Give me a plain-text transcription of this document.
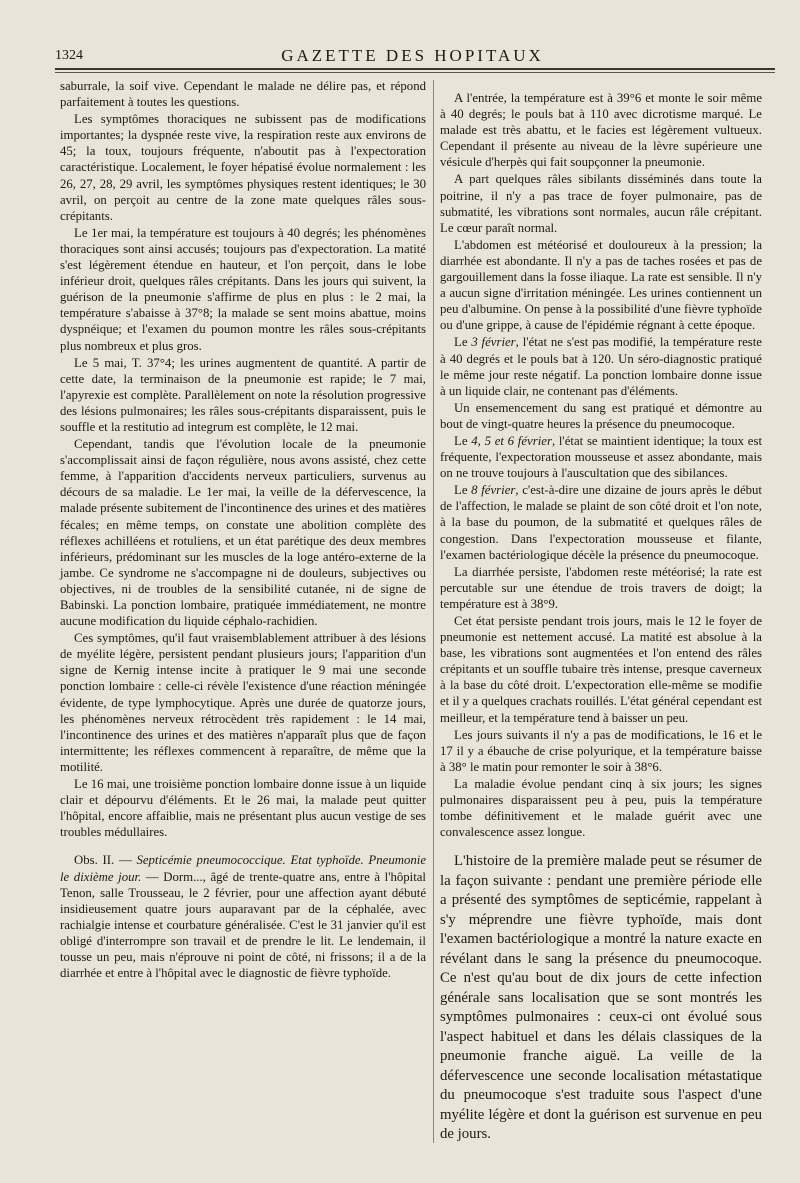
1324	GAZETTE DES HOPITAUX

saburrale, la soif vive. Cependant le malade ne délire pas, et répond parfaitement à toutes les questions.

Les symptômes thoraciques ne subissent pas de modifications importantes; la dyspnée reste vive, la respiration reste aux environs de 45; la toux, toujours fréquente, n'aboutit pas à l'expectoration caractéristique. Localement, le foyer hépatisé évolue normalement : les 26, 27, 28, 29 avril, les symptômes physiques restent identiques; le 30 avril, on perçoit au centre de la zone mate quelques râles sous-crépitants.

Le 1er mai, la température est toujours à 40 degrés; les phénomènes thoraciques sont ainsi accusés; toujours pas d'expectoration. La matité s'est légèrement étendue en hauteur, et l'on perçoit, dans le lobe inférieur droit, quelques râles crépitants. Dans les jours qui suivent, la guérison de la pneumonie s'affirme de plus en plus : le 2 mai, la température s'abaisse à 37°8; la malade se sent moins abattue, moins dyspnéique; et l'examen du poumon montre les râles sous-crépitants plus nombreux et plus gros.

Le 5 mai, T. 37°4; les urines augmentent de quantité. A partir de cette date, la terminaison de la pneumonie est rapide; le 7 mai, l'apyrexie est complète. Parallèlement on note la résolution progressive des lésions pulmonaires; les râles sous-crépitants disparaissent, puis le souffle et la restitutio ad integrum est complète, le 12 mai.

Cependant, tandis que l'évolution locale de la pneumonie s'accomplissait ainsi de façon régulière, nous avons assisté, chez cette femme, à l'apparition d'accidents nerveux particuliers, survenus au décours de sa maladie. Le 1er mai, la veille de la défervescence, la malade présente subitement de l'incontinence des urines et des matières fécales; en même temps, on constate une abolition complète des réflexes achilléens et rotuliens, et un état parétique des deux membres inférieurs, prédominant sur les muscles de la loge antéro-externe de la jambe. Ce syndrome ne s'accompagne ni de douleurs, subjectives ou objectives, ni de troubles de la sensibilité cutanée, ni de signe de Babinski. La ponction lombaire, pratiquée immédiatement, ne montre aucune modification du liquide céphalo-rachidien.

Ces symptômes, qu'il faut vraisemblablement attribuer à des lésions de myélite légère, persistent pendant plusieurs jours; l'apparition d'un signe de Kernig intense incite à pratiquer le 9 mai une seconde ponction lombaire : celle-ci révèle l'existence d'une réaction méningée évidente, de type lymphocytique. Après une durée de quatorze jours, les phénomènes nerveux rétrocèdent très rapidement : le 14 mai, l'incontinence des urines et des matières n'apparaît plus que de façon intermittente; les réflexes commencent à reparaître, de même que la motilité.

Le 16 mai, une troisième ponction lombaire donne issue à un liquide clair et dépourvu d'éléments. Et le 26 mai, la malade peut quitter l'hôpital, encore affaiblie, mais ne présentant plus aucun vestige de ses troubles médullaires.

Obs. II. — Septicémie pneumococcique. Etat typhoïde. Pneumonie le dixième jour. — Dorm..., âgé de trente-quatre ans, entre à l'hôpital Tenon, salle Trousseau, le 2 février, pour une affection ayant débuté insidieusement quatre jours auparavant par de la céphalée, avec rachialgie intense et courbature généralisée. C'est le 31 janvier qu'il est obligé d'interrompre son travail et de prendre le lit. Le lendemain, il tousse un peu, mais n'éprouve ni point de côté, ni frissons; il a de la diarrhée et entre à l'hôpital avec le diagnostic de fièvre typhoïde.

A l'entrée, la température est à 39°6 et monte le soir même à 40 degrés; le pouls bat à 110 avec dicrotisme marqué. Le malade est très abattu, et le facies est légèrement vultueux. Cependant il présente au niveau de la lèvre supérieure une vésicule d'herpès qui fait soupçonner la pneumonie.

A part quelques râles sibilants disséminés dans toute la poitrine, il n'y a pas trace de foyer pulmonaire, pas de submatité, les vibrations sont normales, aucun râle crépitant. Le cœur paraît normal.

L'abdomen est météorisé et douloureux à la pression; la diarrhée est abondante. Il n'y a pas de taches rosées et pas de gargouillement dans la fosse iliaque. La rate est sensible. Il n'y a aucun signe d'irritation méningée. Les urines contiennent un peu d'albumine. On pense à la possibilité d'une fièvre typhoïde ou d'une grippe, à cause de l'épidémie régnant à cette époque.

Le 3 février, l'état ne s'est pas modifié, la température reste à 40 degrés et le pouls bat à 120. Un séro-diagnostic pratiqué le même jour reste négatif. La ponction lombaire donne issue à un liquide clair, ne contenant pas d'éléments.

Un ensemencement du sang est pratiqué et démontre au bout de vingt-quatre heures la présence du pneumocoque.

Le 4, 5 et 6 février, l'état se maintient identique; la toux est fréquente, l'expectoration mousseuse et assez abondante, mais on ne trouve toujours à l'auscultation que des sibilances.

Le 8 février, c'est-à-dire une dizaine de jours après le début de l'affection, le malade se plaint de son côté droit et l'on note, à la base du poumon, de la submatité et quelques râles de congestion. Dans l'expectoration mousseuse et filante, l'examen bactériologique décèle la présence du pneumocoque.

La diarrhée persiste, l'abdomen reste météorisé; la rate est percutable sur une étendue de trois travers de doigt; la température est à 38°9.

Cet état persiste pendant trois jours, mais le 12 le foyer de pneumonie est nettement accusé. La matité est absolue à la base, les vibrations sont augmentées et l'on entend des râles crépitants et un souffle tubaire très intense, presque caverneux à la base du côté droit. L'expectoration elle-même se modifie et il y a quelques crachats rouillés. L'état général cependant est meilleur, et la température tend à baisser un peu.

Les jours suivants il n'y a pas de modifications, le 16 et le 17 il y a ébauche de crise polyurique, et la température baisse à 38° le matin pour remonter le soir à 38°6.

La maladie évolue pendant cinq à six jours; les signes pulmonaires disparaissent peu à peu, puis la température tombe définitivement et le malade guérit avec une convalescence assez longue.

L'histoire de la première malade peut se résumer de la façon suivante : pendant une première période elle a présenté des symptômes de septicémie, rappelant à s'y méprendre une fièvre typhoïde, mais dont l'examen bactériologique a montré la nature exacte en révélant dans le sang la présence du pneumocoque. Ce n'est qu'au bout de dix jours de cette infection générale sans localisation que se sont montrés les symptômes pulmonaires : ceux-ci ont évolué sous l'aspect habituel et dans les délais classiques de la pneumonie franche aiguë. La veille de la défervescence une seconde localisation métastatique du pneumocoque s'est traduite sous l'aspect d'une myélite légère et dont la guérison est survenue en peu de jours.
